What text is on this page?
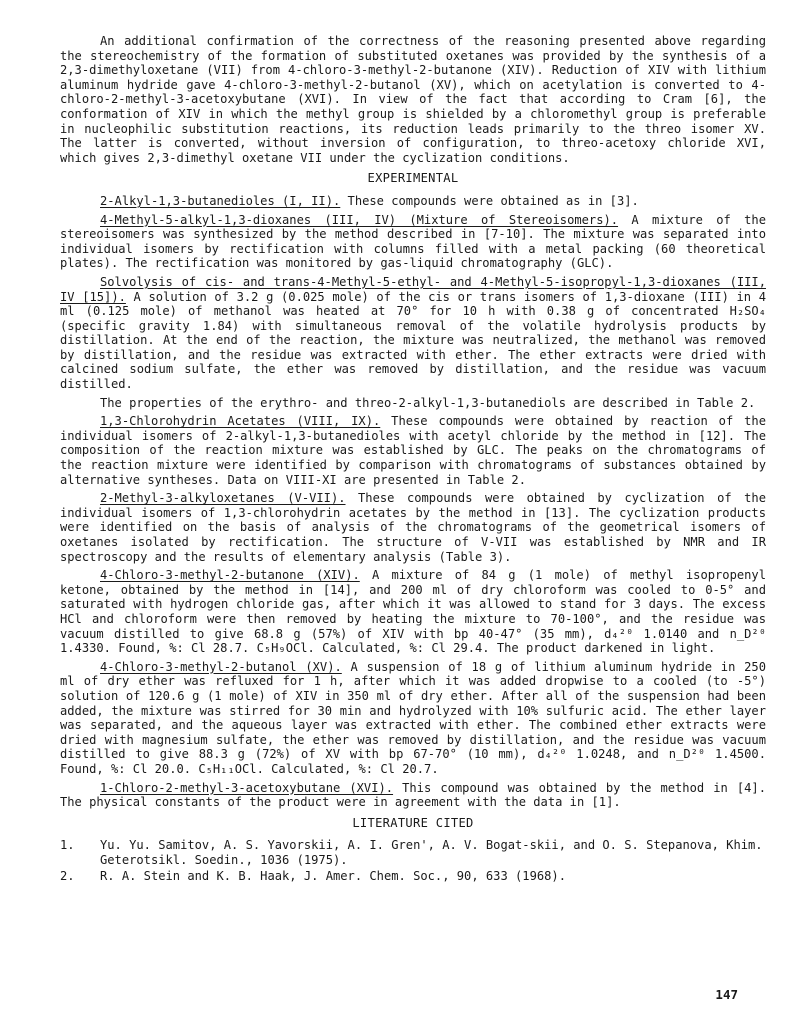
An additional confirmation of the correctness of the reasoning presented above regarding the stereochemistry of the formation of substituted oxetanes was provided by the synthesis of a 2,3-dimethyloxetane (VII) from 4-chloro-3-methyl-2-butanone (XIV). Reduction of XIV with lithium aluminum hydride gave 4-chloro-3-methyl-2-butanol (XV), which on acetylation is converted to 4-chloro-2-methyl-3-acetoxybutane (XVI). In view of the fact that according to Cram [6], the conformation of XIV in which the methyl group is shielded by a chloromethyl group is preferable in nucleophilic substitution reactions, its reduction leads primarily to the threo isomer XV. The latter is converted, without inversion of configuration, to threo-acetoxy chloride XVI, which gives 2,3-dimethyl oxetane VII under the cyclization conditions.

EXPERIMENTAL

2-Alkyl-1,3-butanedioles (I, II). These compounds were obtained as in [3].

4-Methyl-5-alkyl-1,3-dioxanes (III, IV) (Mixture of Stereoisomers). A mixture of the stereoisomers was synthesized by the method described in [7-10]. The mixture was separated into individual isomers by rectification with columns filled with a metal packing (60 theoretical plates). The rectification was monitored by gas-liquid chromatography (GLC).

Solvolysis of cis- and trans-4-Methyl-5-ethyl- and 4-Methyl-5-isopropyl-1,3-dioxanes (III, IV [15]). A solution of 3.2 g (0.025 mole) of the cis or trans isomers of 1,3-dioxane (III) in 4 ml (0.125 mole) of methanol was heated at 70° for 10 h with 0.38 g of concentrated H₂SO₄ (specific gravity 1.84) with simultaneous removal of the volatile hydrolysis products by distillation. At the end of the reaction, the mixture was neutralized, the methanol was removed by distillation, and the residue was extracted with ether. The ether extracts were dried with calcined sodium sulfate, the ether was removed by distillation, and the residue was vacuum distilled.

The properties of the erythro- and threo-2-alkyl-1,3-butanediols are described in Table 2.

1,3-Chlorohydrin Acetates (VIII, IX). These compounds were obtained by reaction of the individual isomers of 2-alkyl-1,3-butanedioles with acetyl chloride by the method in [12]. The composition of the reaction mixture was established by GLC. The peaks on the chromatograms of the reaction mixture were identified by comparison with chromatograms of substances obtained by alternative syntheses. Data on VIII-XI are presented in Table 2.

2-Methyl-3-alkyloxetanes (V-VII). These compounds were obtained by cyclization of the individual isomers of 1,3-chlorohydrin acetates by the method in [13]. The cyclization products were identified on the basis of analysis of the chromatograms of the geometrical isomers of oxetanes isolated by rectification. The structure of V-VII was established by NMR and IR spectroscopy and the results of elementary analysis (Table 3).

4-Chloro-3-methyl-2-butanone (XIV). A mixture of 84 g (1 mole) of methyl isopropenyl ketone, obtained by the method in [14], and 200 ml of dry chloroform was cooled to 0-5° and saturated with hydrogen chloride gas, after which it was allowed to stand for 3 days. The excess HCl and chloroform were then removed by heating the mixture to 70-100°, and the residue was vacuum distilled to give 68.8 g (57%) of XIV with bp 40-47° (35 mm), d₄²⁰ 1.0140 and n_D²⁰ 1.4330. Found, %: Cl 28.7. C₅H₉OCl. Calculated, %: Cl 29.4. The product darkened in light.

4-Chloro-3-methyl-2-butanol (XV). A suspension of 18 g of lithium aluminum hydride in 250 ml of dry ether was refluxed for 1 h, after which it was added dropwise to a cooled (to -5°) solution of 120.6 g (1 mole) of XIV in 350 ml of dry ether. After all of the suspension had been added, the mixture was stirred for 30 min and hydrolyzed with 10% sulfuric acid. The ether layer was separated, and the aqueous layer was extracted with ether. The combined ether extracts were dried with magnesium sulfate, the ether was removed by distillation, and the residue was vacuum distilled to give 88.3 g (72%) of XV with bp 67-70° (10 mm), d₄²⁰ 1.0248, and n_D²⁰ 1.4500. Found, %: Cl 20.0. C₅H₁₁OCl. Calculated, %: Cl 20.7.

1-Chloro-2-methyl-3-acetoxybutane (XVI). This compound was obtained by the method in [4]. The physical constants of the product were in agreement with the data in [1].

LITERATURE CITED
1.	Yu. Yu. Samitov, A. S. Yavorskii, A. I. Gren', A. V. Bogat-skii, and O. S. Stepanova, Khim. Geterotsikl. Soedin., 1036 (1975).
2.	R. A. Stein and K. B. Haak, J. Amer. Chem. Soc., 90, 633 (1968).
147
